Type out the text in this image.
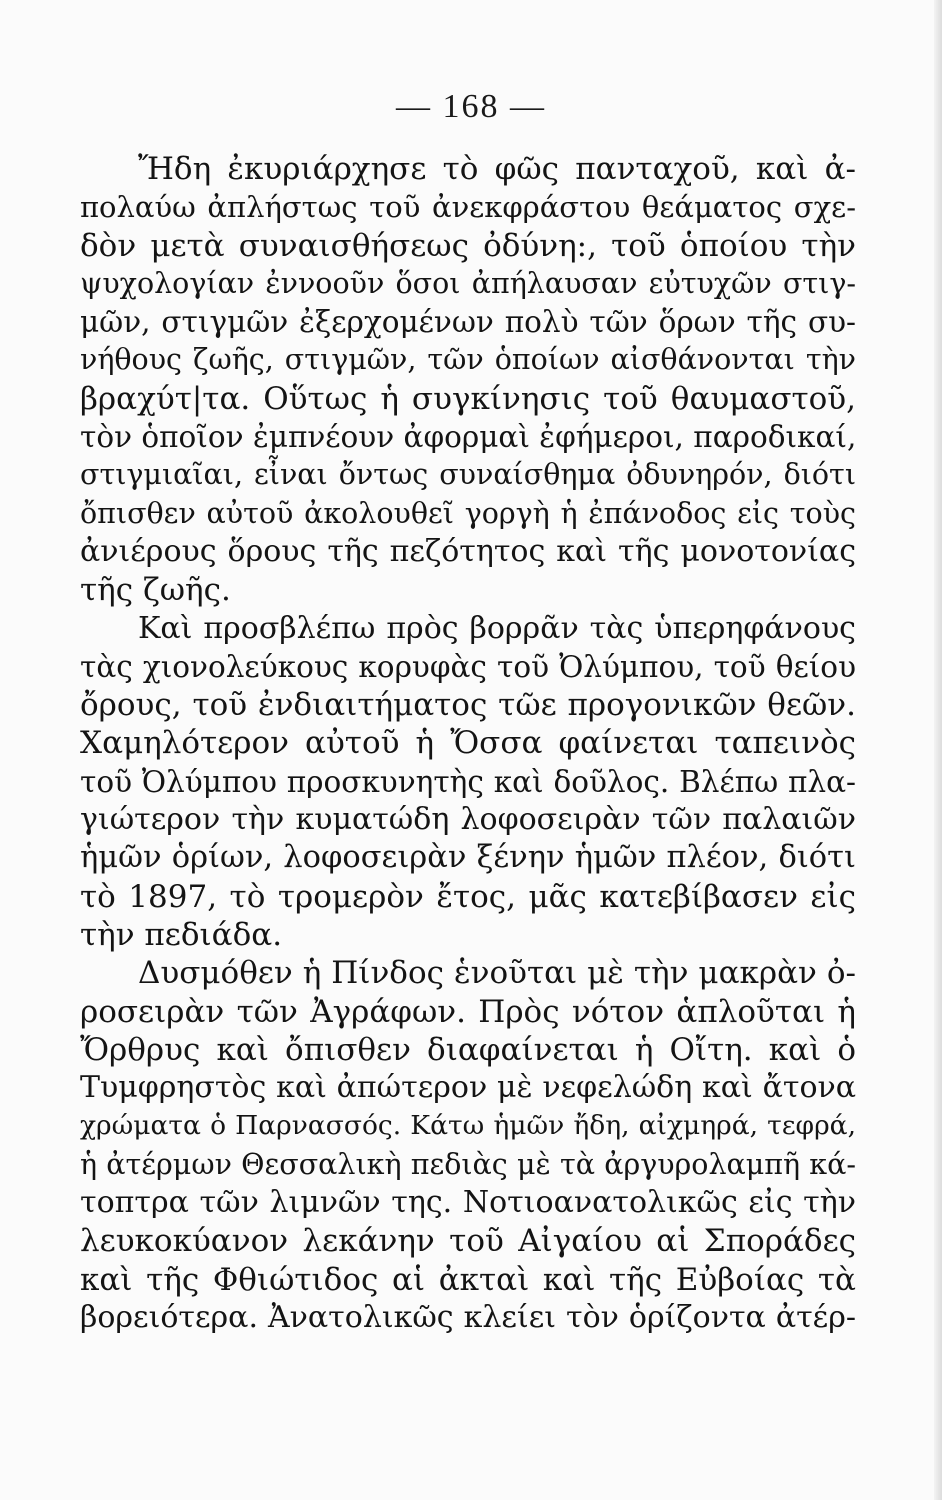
— 168 —
Ἤδη ἐκυριάρχησε τὸ φῶς πανταχοῦ, καὶ ἀ-
πολαύω ἀπλήστως τοῦ ἀνεκφράστου θεάματος σχε-
δὸν μετὰ συναισθήσεως ὀδύνη:, τοῦ ὁποίου τὴν
ψυχολογίαν ἐννοοῦν ὅσοι ἀπήλαυσαν εὐτυχῶν στιγ-
μῶν, στιγμῶν ἐξερχομένων πολὺ τῶν ὅρων τῆς συ-
νήθους ζωῆς, στιγμῶν, τῶν ὁποίων αἰσθάνονται τὴν
βραχύτ|τα. Οὕτως ἡ συγκίνησις τοῦ θαυμαστοῦ,
τὸν ὁποῖον ἐμπνέουν ἀφορμαὶ ἐφήμεροι, παροδικαί,
στιγμιαῖαι, εἶναι ὄντως συναίσθημα ὀδυνηρόν, διότι
ὄπισθεν αὐτοῦ ἀκολουθεῖ γοργὴ ἡ ἐπάνοδος εἰς τοὺς
ἀνιέρους ὅρους τῆς πεζότητος καὶ τῆς μονοτονίας
τῆς ζωῆς.
Καὶ προσβλέπω πρὸς βορρᾶν τὰς ὑπερηφάνους
τὰς χιονολεύκους κορυφὰς τοῦ Ὀλύμπου, τοῦ θείου
ὄρους, τοῦ ἐνδιαιτήματος τῶε προγονικῶν θεῶν.
Χαμηλότερον αὐτοῦ ἡ Ὄσσα φαίνεται ταπεινὸς
τοῦ Ὀλύμπου προσκυνητὴς καὶ δοῦλος. Βλέπω πλα-
γιώτερον τὴν κυματώδη λοφοσειρὰν τῶν παλαιῶν
ἡμῶν ὁρίων, λοφοσειρὰν ξένην ἡμῶν πλέον, διότι
τὸ 1897, τὸ τρομερὸν ἔτος, μᾶς κατεβίβασεν εἰς
τὴν πεδιάδα.
Δυσμόθεν ἡ Πίνδος ἑνοῦται μὲ τὴν μακρὰν ὀ-
ροσειρὰν τῶν Ἀγράφων. Πρὸς νότον ἁπλοῦται ἡ
Ὄρθρυς καὶ ὄπισθεν διαφαίνεται ἡ Οἴτη. καὶ ὁ
Τυμφρηστὸς καὶ ἀπώτερον μὲ νεφελώδη καὶ ἄτονα
χρώματα ὁ Παρνασσός. Κάτω ἡμῶν ἤδη, αἰχμηρά, τεφρά,
ἡ ἀτέρμων Θεσσαλικὴ πεδιὰς μὲ τὰ ἀργυρολαμπῆ κά-
τοπτρα τῶν λιμνῶν της. Νοτιοανατολικῶς εἰς τὴν
λευκοκύανον λεκάνην τοῦ Αἰγαίου αἱ Σποράδες
καὶ τῆς Φθιώτιδος αἱ ἀκταὶ καὶ τῆς Εὐβοίας τὰ
βορειότερα. Ἀνατολικῶς κλείει τὸν ὁρίζοντα ἀτέρ-
